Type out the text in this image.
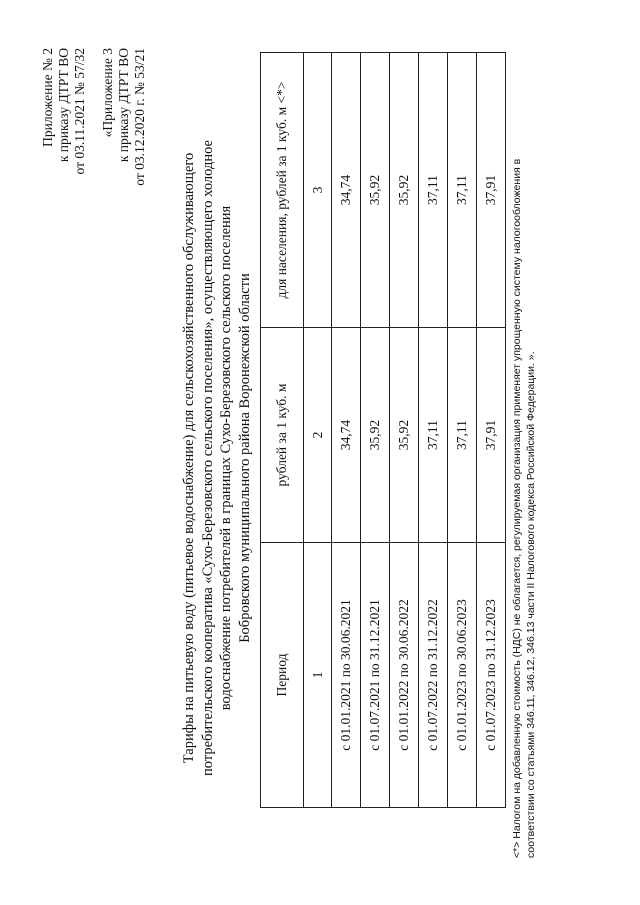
Приложение № 2 к приказу ДТРТ ВО от 03.11.2021 № 57/32 «Приложение 3 к приказу ДТРТ ВО от 03.12.2020 г. № 53/21
Тарифы на питьевую воду (питьевое водоснабжение) для сельскохозяйственного обслуживающего потребительского кооператива «Сухо-Березовского сельского поселения», осуществляющего холодное водоснабжение потребителей в границах Сухо-Березовского сельского поселения Бобровского муниципального района Воронежской области
Период	рублей за 1 куб. м	для населения, рублей за 1 куб. м <*>
1	2	3
с 01.01.2021 по 30.06.2021	34,74	34,74
с 01.07.2021 по 31.12.2021	35,92	35,92
с 01.01.2022 по 30.06.2022	35,92	35,92
с 01.07.2022 по 31.12.2022	37,11	37,11
с 01.01.2023 по 30.06.2023	37,11	37,11
с 01.07.2023 по 31.12.2023	37,91	37,91 <*> Налогом на добавленную стоимость (НДС) не облагается, регулируемая организация применяет упрощенную систему налогообложения в соответствии со статьями 346.11, 346.12, 346.13 части II Налогового кодекса Российской Федерации. ».
